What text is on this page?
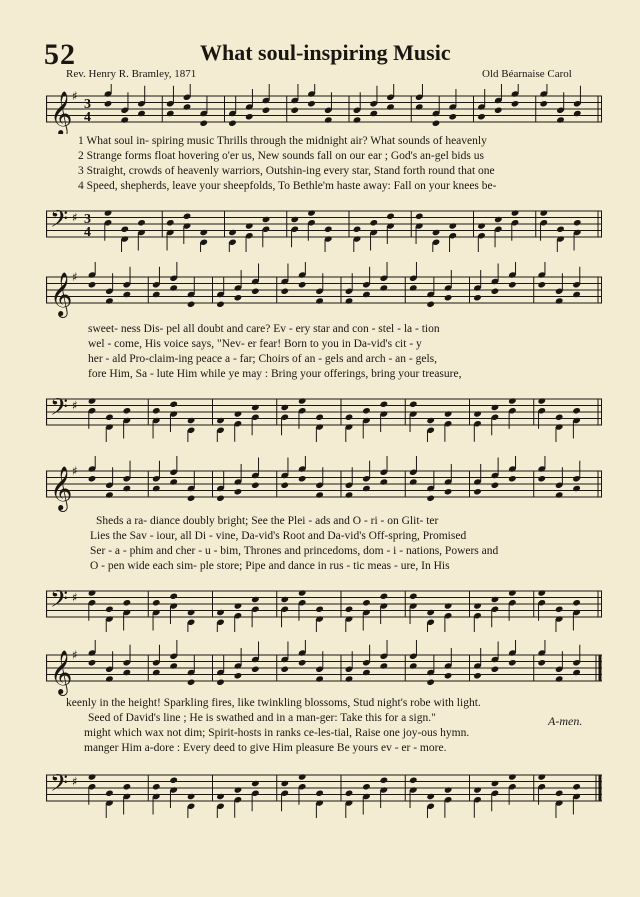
52	What soul-inspiring Music
Rev. Henry R. Bramley, 1871	Old Béarnaise Carol
𝄞 ♯
3
4
1 What soul in- spiring music Thrills through the midnight air? What sounds of heavenly
2 Strange forms float hovering o'er us, New sounds fall on our ear ; God's an-gel bids us
3 Straight, crowds of heavenly warriors, Outshin-ing every star, Stand forth round that one
4 Speed, shepherds, leave your sheepfolds, To Bethle'm haste away: Fall on your knees be-
𝄢 ♯ 3
4
𝄞 ♯
sweet- ness Dis- pel all doubt and care? Ev - ery star and con - stel - la - tion
wel - come, His voice says, "Nev- er fear! Born to you in Da-vid's cit - y
her - ald Pro-claim-ing peace a - far; Choirs of an - gels and arch - an - gels,
fore Him, Sa - lute Him while ye may : Bring your offerings, bring your treasure,
𝄢 ♯
𝄞 ♯
Sheds a ra- diance doubly bright; See the Plei - ads and O - ri - on Glit- ter
Lies the Sav - iour, all Di - vine, Da-vid's Root and Da-vid's Off-spring, Promised
Ser - a - phim and cher - u - bim, Thrones and princedoms, dom - i - nations, Powers and
O - pen wide each sim- ple store; Pipe and dance in rus - tic meas - ure, In His
𝄢 ♯
𝄞 ♯
keenly in the height! Sparkling fires, like twinkling blossoms, Stud night's robe with light.
Seed of David's line ; He is swathed and in a man-ger: Take this for a sign."
might which wax not dim; Spirit-hosts in ranks ce-les-tial, Raise one joy-ous hymn.
manger Him a-dore : Every deed to give Him pleasure Be yours ev - er - more.
A-men.
𝄢 ♯
